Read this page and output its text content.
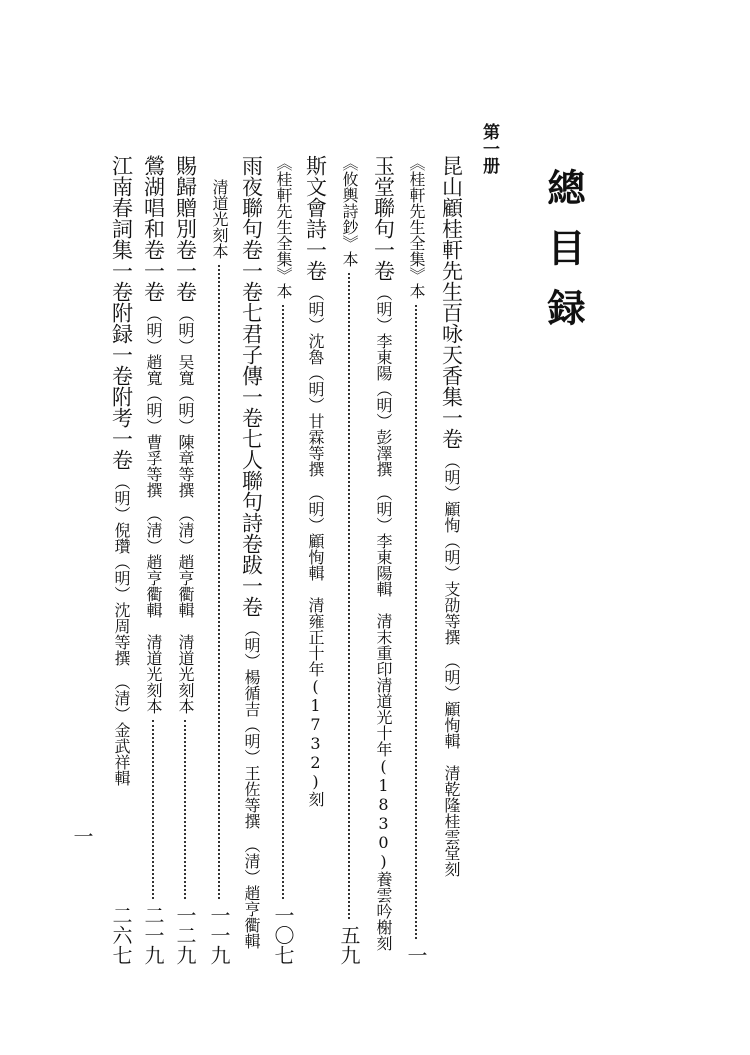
總目録
第一册
昆山顧桂軒先生百咏天香集一卷
（明）顧恂（明）支劭等撰　（明）顧恂輯　清乾隆桂雲堂刻
《桂軒先生全集》本
一
玉堂聯句一卷
（明）李東陽（明）彭澤撰　（明）李東陽輯　清末重印清道光十年(1830)養雲吟榭刻
《攸輿詩鈔》本
五九
斯文會詩一卷
（明）沈魯（明）甘霖等撰　（明）顧恂輯　清雍正十年(1732)刻
《桂軒先生全集》本
一〇七
雨夜聯句卷一卷七君子傳一卷七人聯句詩卷跋一卷
（明）楊循吉（明）王佐等撰　（清）趙亨衢輯
清道光刻本
一一九
賜歸贈別卷一卷
（明）吴寬（明）陳章等撰　（清）趙亨衢輯　清道光刻本
一二九
鶯湖唱和卷一卷
（明）趙寬（明）曹孚等撰　（清）趙亨衢輯　清道光刻本
二一九
江南春詞集一卷附録一卷附考一卷
（明）倪瓚（明）沈周等撰　（清）金武祥輯
二六七
一
